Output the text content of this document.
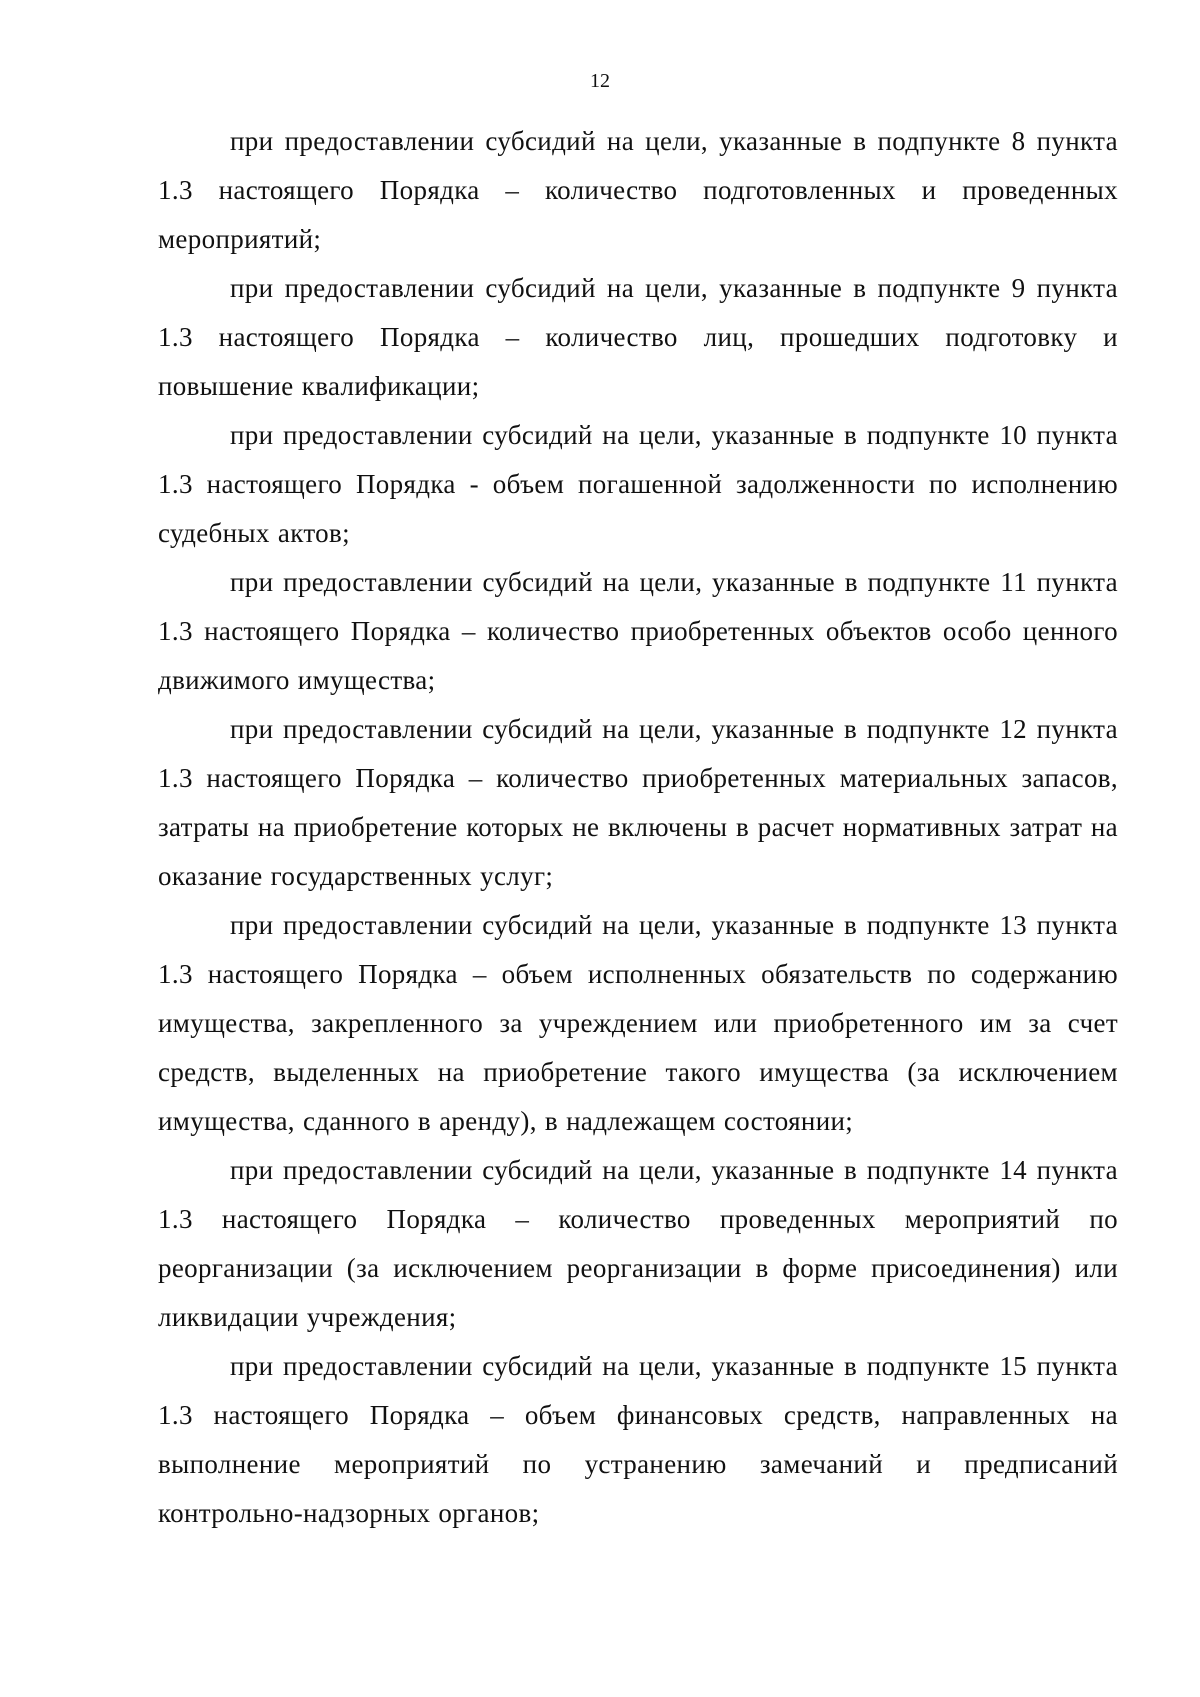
12

при предоставлении субсидий на цели, указанные в подпункте 8 пункта 1.3 настоящего Порядка – количество подготовленных и проведенных мероприятий;

при предоставлении субсидий на цели, указанные в подпункте 9 пункта 1.3 настоящего Порядка – количество лиц, прошедших подготовку и повышение квалификации;

при предоставлении субсидий на цели, указанные в подпункте 10 пункта 1.3 настоящего Порядка - объем погашенной задолженности по исполнению судебных актов;

при предоставлении субсидий на цели, указанные в подпункте 11 пункта 1.3 настоящего Порядка – количество приобретенных объектов особо ценного движимого имущества;

при предоставлении субсидий на цели, указанные в подпункте 12 пункта 1.3 настоящего Порядка – количество приобретенных материальных запасов, затраты на приобретение которых не включены в расчет нормативных затрат на оказание государственных услуг;

при предоставлении субсидий на цели, указанные в подпункте 13 пункта 1.3 настоящего Порядка – объем исполненных обязательств по содержанию имущества, закрепленного за учреждением или приобретенного им за счет средств, выделенных на приобретение такого имущества (за исключением имущества, сданного в аренду), в надлежащем состоянии;

при предоставлении субсидий на цели, указанные в подпункте 14 пункта 1.3 настоящего Порядка – количество проведенных мероприятий по реорганизации (за исключением реорганизации в форме присоединения) или ликвидации учреждения;

при предоставлении субсидий на цели, указанные в подпункте 15 пункта 1.3 настоящего Порядка – объем финансовых средств, направленных на выполнение мероприятий по устранению замечаний и предписаний контрольно-надзорных органов;
